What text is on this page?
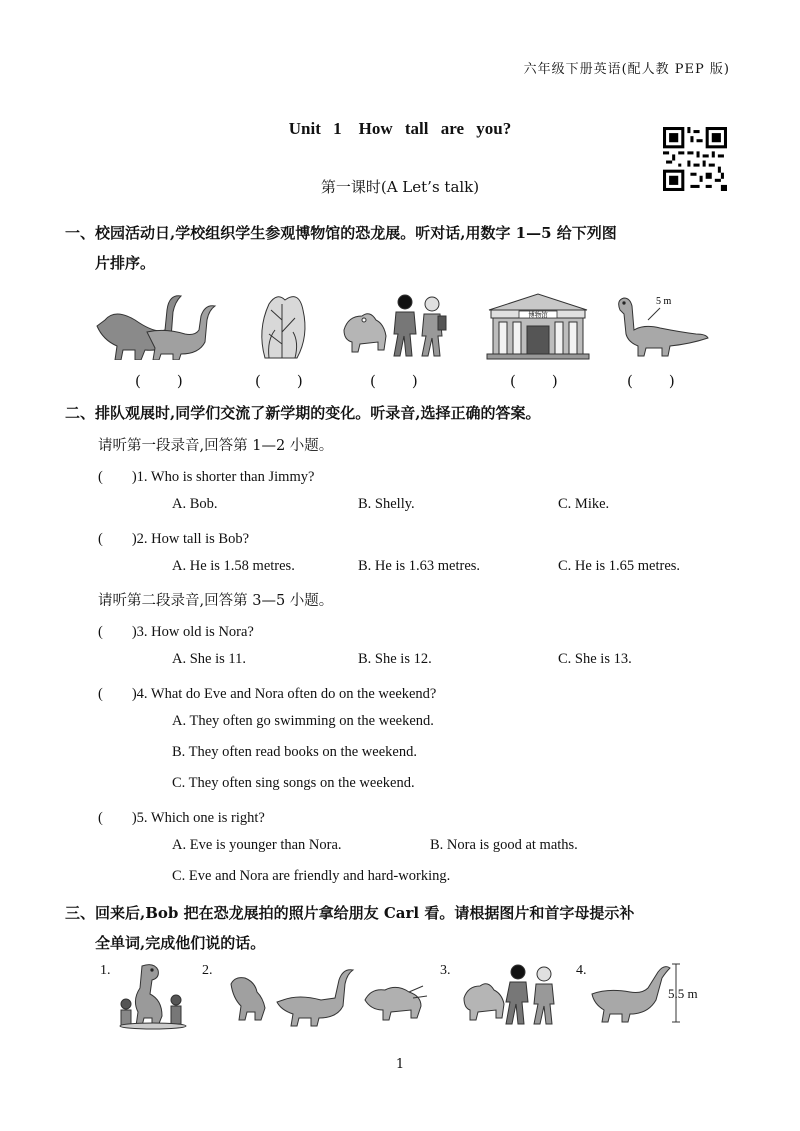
六年级下册英语(配人教 PEP 版)
Unit 1　How tall are you?
第一课时(A Let’s talk)
一、校园活动日,学校组织学生参观博物馆的恐龙展。听对话,用数字 1—5 给下列图
片排序。
(　　)	(　　)	(　　)
博物馆
(　　)
5 m
(　　)
二、排队观展时,同学们交流了新学期的变化。听录音,选择正确的答案。
请听第一段录音,回答第 1—2 小题。
(　　)1. Who is shorter than Jimmy?
A. Bob.	B. Shelly.	C. Mike.
(　　)2. How tall is Bob?
A. He is 1.58 metres.	B. He is 1.63 metres.	C. He is 1.65 metres.
请听第二段录音,回答第 3—5 小题。
(　　)3. How old is Nora?
A. She is 11.	B. She is 12.	C. She is 13.
(　　)4. What do Eve and Nora often do on the weekend?
A. They often go swimming on the weekend.
B. They often read books on the weekend.
C. They often sing songs on the weekend.
(　　)5. Which one is right?
A. Eve is younger than Nora.	B. Nora is good at maths.
C. Eve and Nora are friendly and hard-working.
三、回来后,Bob 把在恐龙展拍的照片拿给朋友 Carl 看。请根据图片和首字母提示补
全单词,完成他们说的话。
1.	2.	3.	4.
5.5 m
1
